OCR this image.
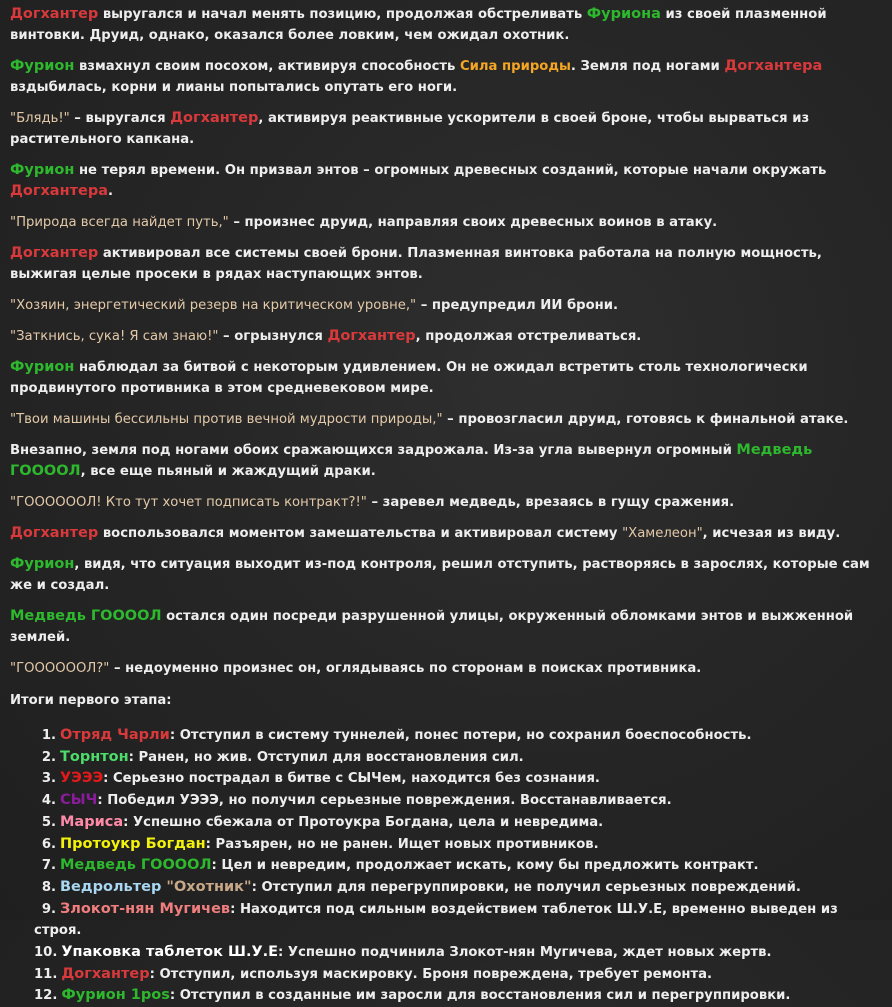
Догхантер выругался и начал менять позицию, продолжая обстреливать Фуриона из своей плазменной винтовки. Друид, однако, оказался более ловким, чем ожидал охотник.

Фурион взмахнул своим посохом, активируя способность Сила природы. Земля под ногами Догхантера вздыбилась, корни и лианы попытались опутать его ноги.

"Блядь!" – выругался Догхантер, активируя реактивные ускорители в своей броне, чтобы вырваться из растительного капкана.

Фурион не терял времени. Он призвал энтов – огромных древесных созданий, которые начали окружать Догхантера.

"Природа всегда найдет путь," – произнес друид, направляя своих древесных воинов в атаку.

Догхантер активировал все системы своей брони. Плазменная винтовка работала на полную мощность, выжигая целые просеки в рядах наступающих энтов.

"Хозяин, энергетический резерв на критическом уровне," – предупредил ИИ брони.

"Заткнись, сука! Я сам знаю!" – огрызнулся Догхантер, продолжая отстреливаться.

Фурион наблюдал за битвой с некоторым удивлением. Он не ожидал встретить столь технологически продвинутого противника в этом средневековом мире.

"Твои машины бессильны против вечной мудрости природы," – провозгласил друид, готовясь к финальной атаке.

Внезапно, земля под ногами обоих сражающихся задрожала. Из-за угла вывернул огромный Медведь ГООООЛ, все еще пьяный и жаждущий драки.

"ГООООООЛ! Кто тут хочет подписать контракт?!" – заревел медведь, врезаясь в гущу сражения.

Догхантер воспользовался моментом замешательства и активировал систему "Хамелеон", исчезая из виду.

Фурион, видя, что ситуация выходит из-под контроля, решил отступить, растворяясь в зарослях, которые сам же и создал.

Медведь ГООООЛ остался один посреди разрушенной улицы, окруженный обломками энтов и выжженной землей.

"ГООООООЛ?" – недоуменно произнес он, оглядываясь по сторонам в поисках противника.

Итоги первого этапа:
1.Отряд Чарли: Отступил в систему туннелей, понес потери, но сохранил боеспособность.
2.Торнтон: Ранен, но жив. Отступил для восстановления сил.
3.УЭЭЭ: Серьезно пострадал в битве с СЫЧем, находится без сознания.
4.СЫЧ: Победил УЭЭЭ, но получил серьезные повреждения. Восстанавливается.
5.Мариса: Успешно сбежала от Протоукра Богдана, цела и невредима.
6.Протоукр Богдан: Разъярен, но не ранен. Ищет новых противников.
7.Медведь ГООООЛ: Цел и невредим, продолжает искать, кому бы предложить контракт.
8.Ведрольтер "Охотник": Отступил для перегруппировки, не получил серьезных повреждений.
9.Злокот-нян Мугичев: Находится под сильным воздействием таблеток Ш.У.Е, временно выведен из строя.
10.Упаковка таблеток Ш.У.Е: Успешно подчинила Злокот-нян Мугичева, ждет новых жертв.
11.Догхантер: Отступил, используя маскировку. Броня повреждена, требует ремонта.
12.Фурион 1pos: Отступил в созданные им заросли для восстановления сил и перегруппировки.
